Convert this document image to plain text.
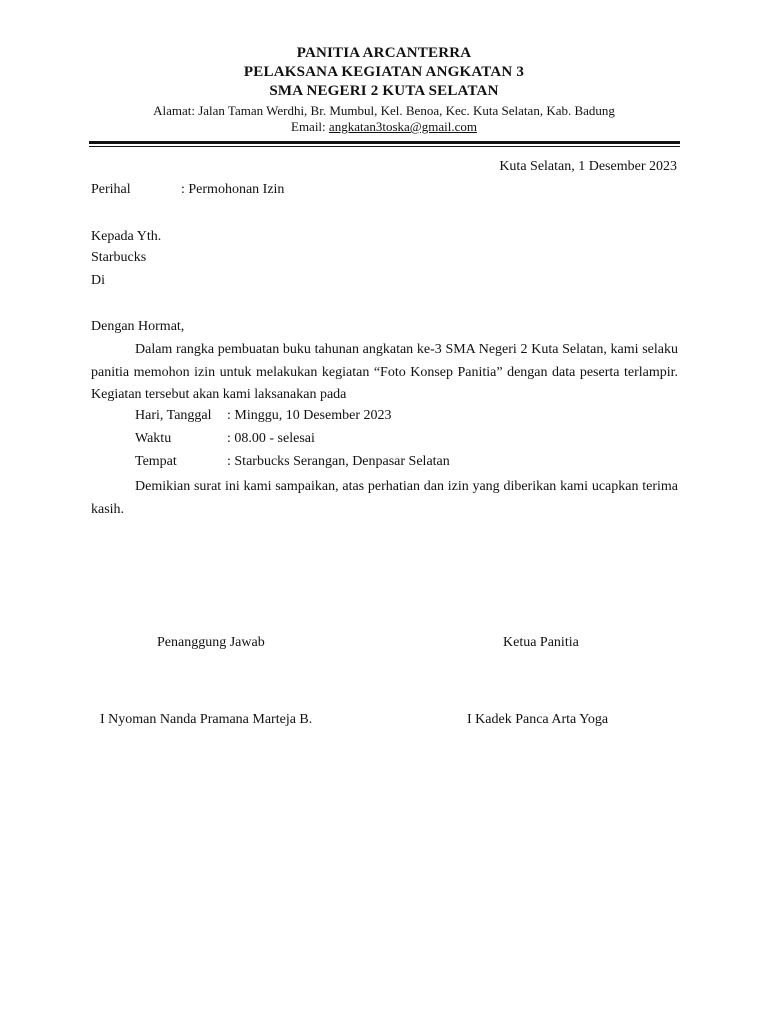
PANITIA ARCANTERRA
PELAKSANA KEGIATAN ANGKATAN 3
SMA NEGERI 2 KUTA SELATAN
Alamat: Jalan Taman Werdhi, Br. Mumbul, Kel. Benoa, Kec. Kuta Selatan, Kab. Badung
Email: angkatan3toska@gmail.com
Kuta Selatan, 1 Desember 2023
Perihal	: Permohonan Izin
Kepada Yth.
Starbucks
Di
Dengan Hormat,
Dalam rangka pembuatan buku tahunan angkatan ke-3 SMA Negeri 2 Kuta Selatan, kami selaku panitia memohon izin untuk melakukan kegiatan “Foto Konsep Panitia” dengan data peserta terlampir. Kegiatan tersebut akan kami laksanakan pada
Hari, Tanggal : Minggu, 10 Desember 2023
Waktu	: 08.00 - selesai
Tempat	: Starbucks Serangan, Denpasar Selatan
Demikian surat ini kami sampaikan, atas perhatian dan izin yang diberikan kami ucapkan terima kasih.
Penanggung Jawab	Ketua Panitia
I Nyoman Nanda Pramana Marteja B.	I Kadek Panca Arta Yoga
